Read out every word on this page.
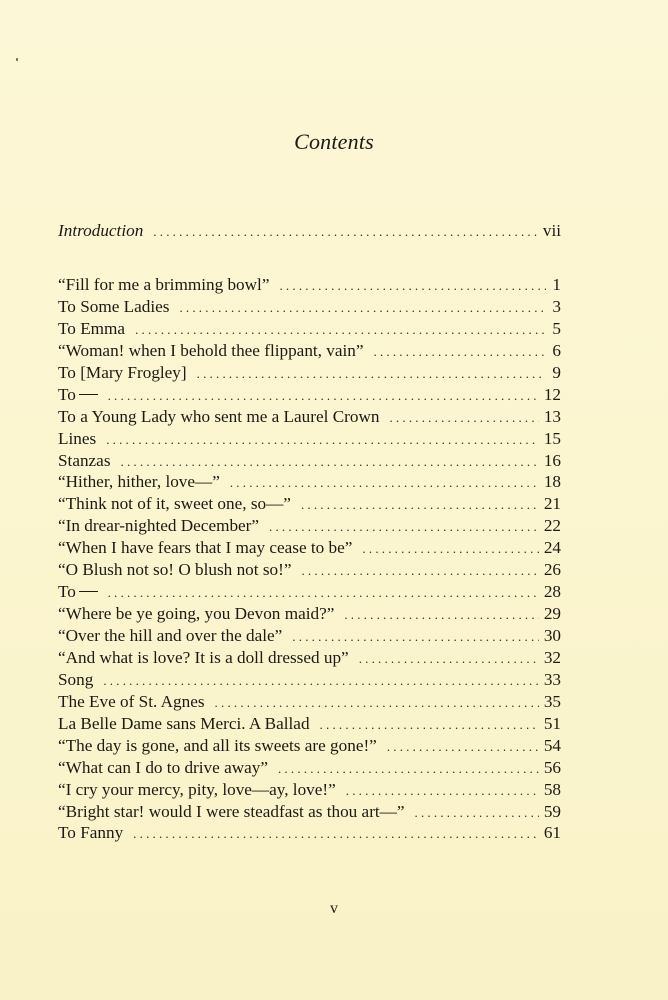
Contents
Introduction .....	vii
“Fill for me a brimming bowl” .....	1
To Some Ladies .....	3
To Emma .....	5
“Woman! when I behold thee flippant, vain” .....	6
To [Mary Frogley] .....	9
To .....	12
To a Young Lady who sent me a Laurel Crown .....	13
Lines .....	15
Stanzas .....	16
“Hither, hither, love—” .....	18
“Think not of it, sweet one, so—” .....	21
“In drear-nighted December” .....	22
“When I have fears that I may cease to be” .....	24
“O Blush not so! O blush not so!” .....	26
To .....	28
“Where be ye going, you Devon maid?” .....	29
“Over the hill and over the dale” .....	30
“And what is love? It is a doll dressed up” .....	32
Song .....	33
The Eve of St. Agnes .....	35
La Belle Dame sans Merci. A Ballad .....	51
“The day is gone, and all its sweets are gone!” .....	54
“What can I do to drive away” .....	56
“I cry your mercy, pity, love—ay, love!” .....	58
“Bright star! would I were steadfast as thou art—” .....	59
To Fanny .....	61
v
